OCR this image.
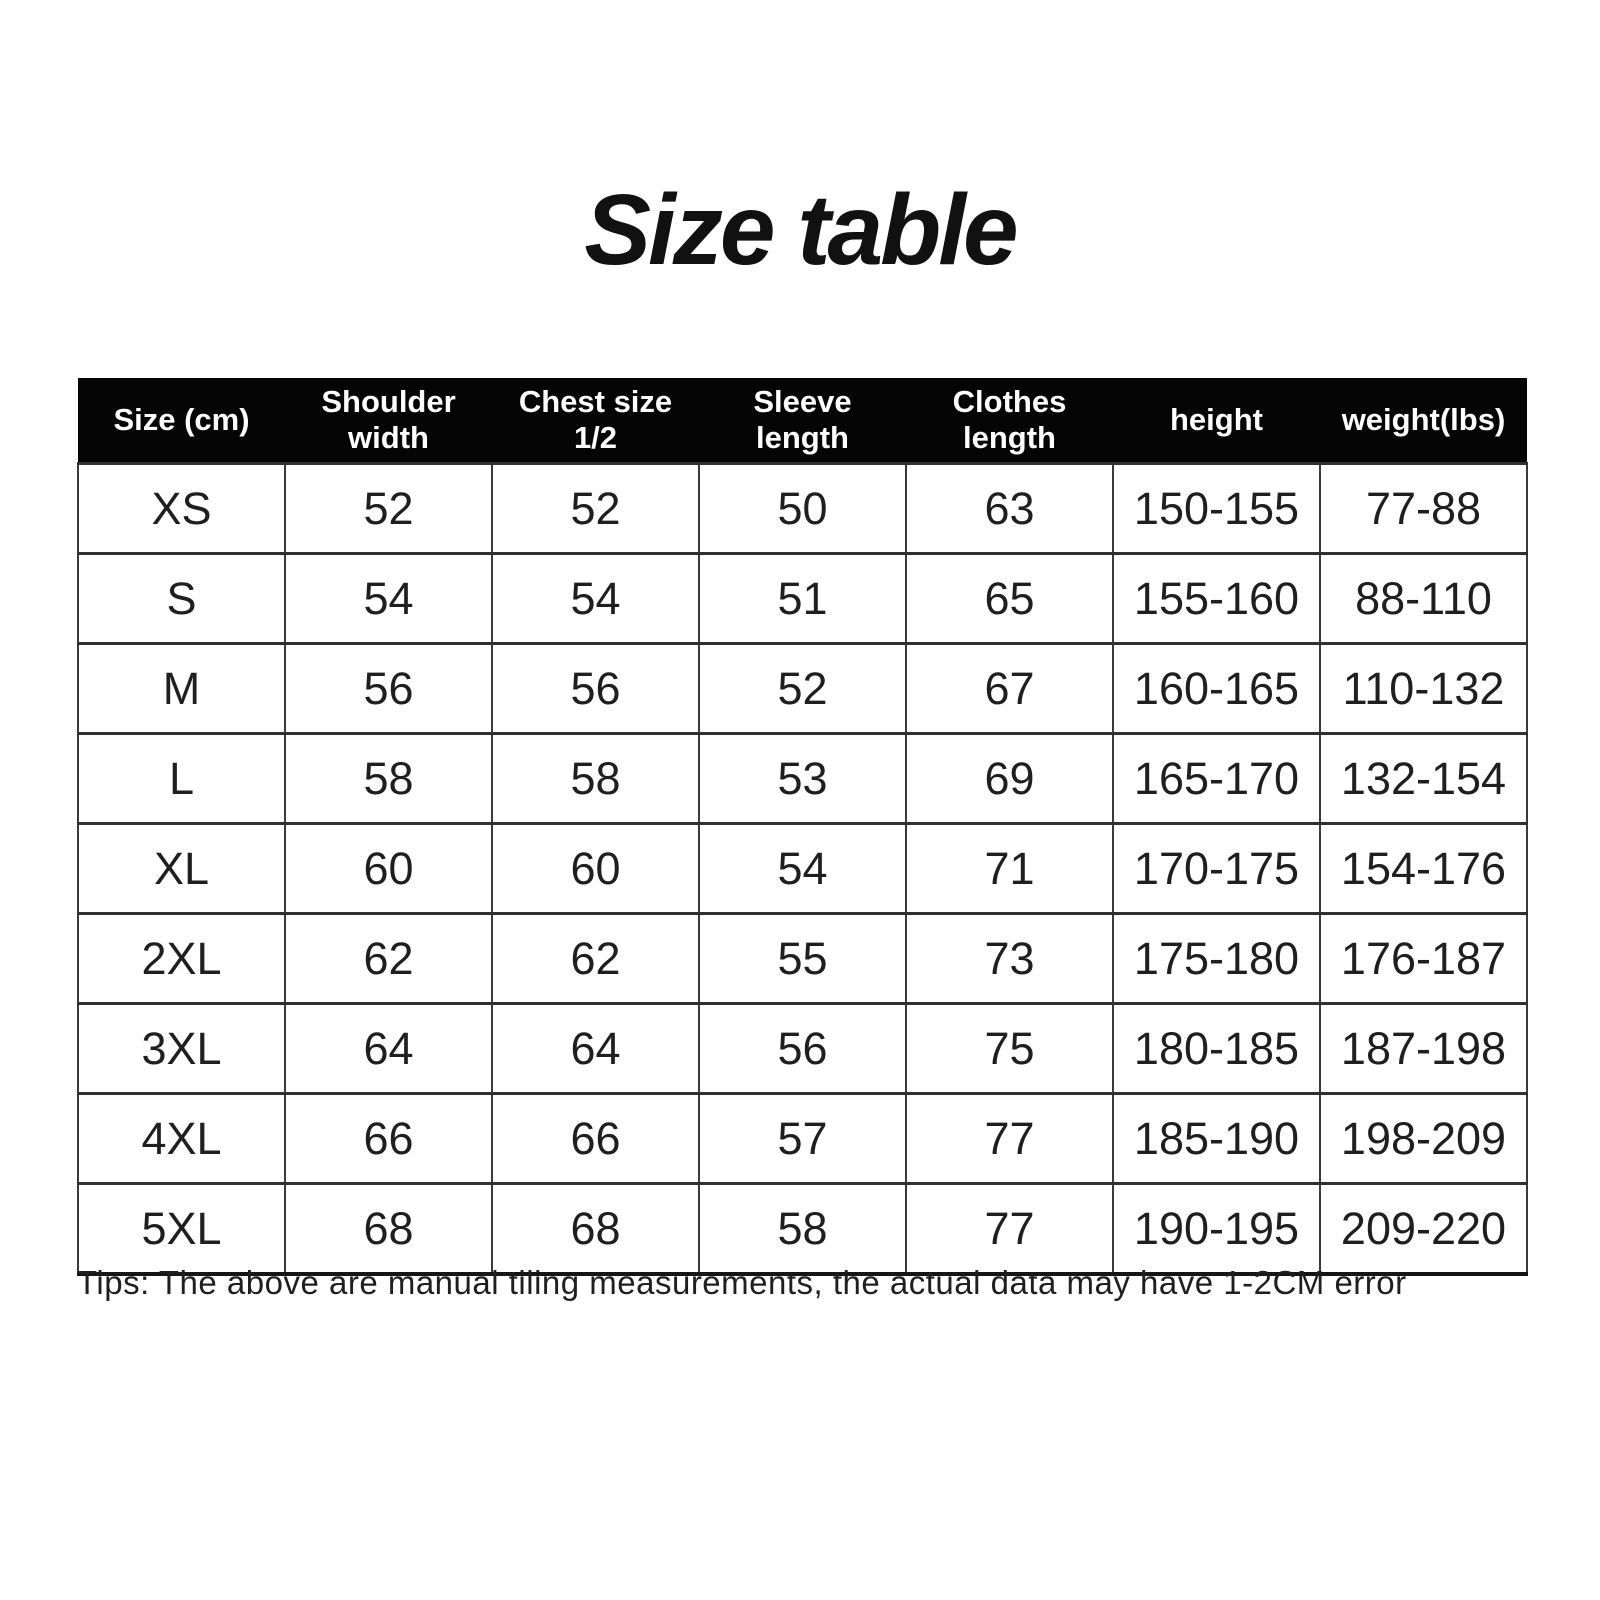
Size table
Size (cm)	Shoulder width	Chest size 1/2	Sleeve length	Clothes length	height	weight(lbs)
XS	52	52	50	63	150-155	77-88
S	54	54	51	65	155-160	88-110
M	56	56	52	67	160-165	110-132
L	58	58	53	69	165-170	132-154
XL	60	60	54	71	170-175	154-176
2XL	62	62	55	73	175-180	176-187
3XL	64	64	56	75	180-185	187-198
4XL	66	66	57	77	185-190	198-209
5XL	68	68	58	77	190-195	209-220

Tips: The above are manual tiling measurements, the actual data may have 1-2CM error
